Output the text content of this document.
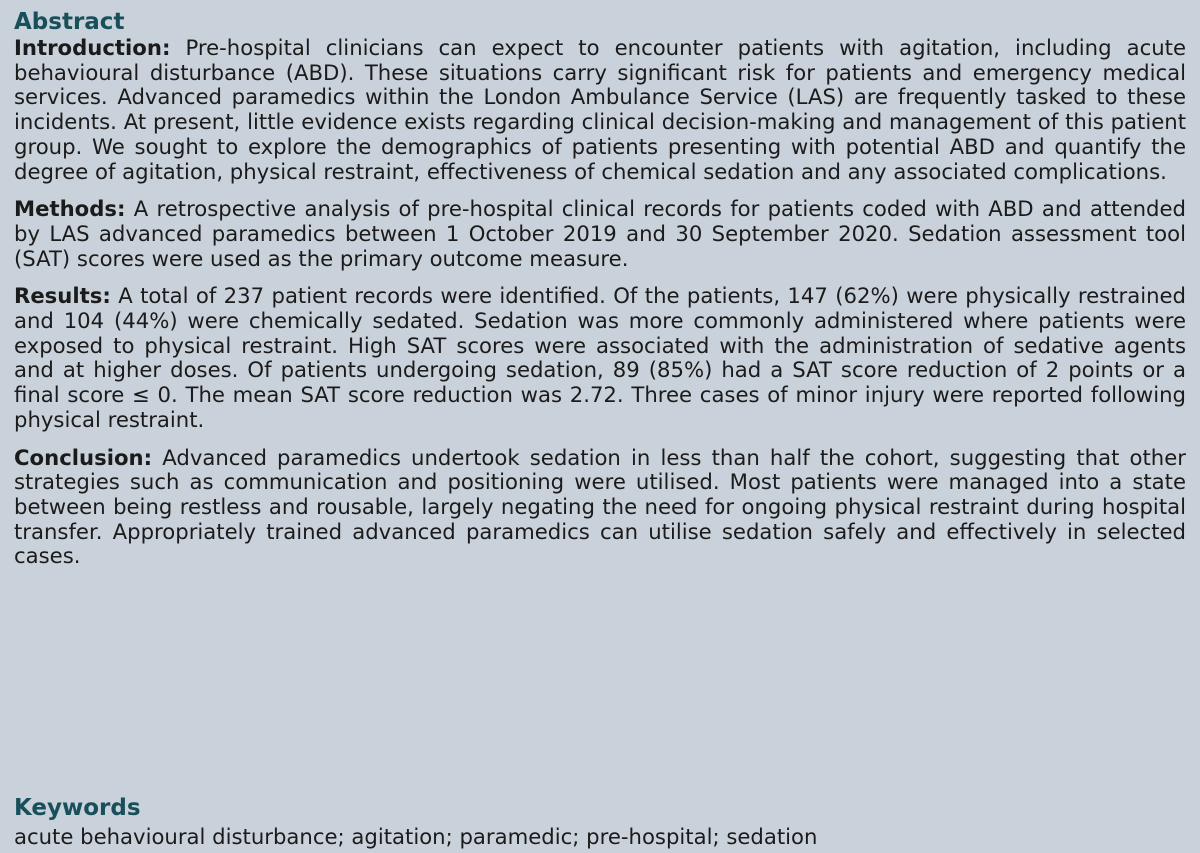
Abstract

Introduction: Pre-hospital clinicians can expect to encounter patients with agitation, including acute behavioural disturbance (ABD). These situations carry significant risk for patients and emergency medical services. Advanced paramedics within the London Ambulance Service (LAS) are frequently tasked to these incidents. At present, little evidence exists regarding clinical decision-making and management of this patient group. We sought to explore the demographics of patients presenting with potential ABD and quantify the degree of agitation, physical restraint, effectiveness of chemical sedation and any associated complications.

Methods: A retrospective analysis of pre-hospital clinical records for patients coded with ABD and attended by LAS advanced paramedics between 1 October 2019 and 30 September 2020. Sedation assessment tool (SAT) scores were used as the primary outcome measure.

Results: A total of 237 patient records were identified. Of the patients, 147 (62%) were physically restrained and 104 (44%) were chemically sedated. Sedation was more commonly administered where patients were exposed to physical restraint. High SAT scores were associated with the administration of sedative agents and at higher doses. Of patients undergoing sedation, 89 (85%) had a SAT score reduction of 2 points or a final score ≤ 0. The mean SAT score reduction was 2.72. Three cases of minor injury were reported following physical restraint.

Conclusion: Advanced paramedics undertook sedation in less than half the cohort, suggesting that other strategies such as communication and positioning were utilised. Most patients were managed into a state between being restless and rousable, largely negating the need for ongoing physical restraint during hospital transfer. Appropriately trained advanced paramedics can utilise sedation safely and effectively in selected cases.

Keywords

acute behavioural disturbance; agitation; paramedic; pre-hospital; sedation
